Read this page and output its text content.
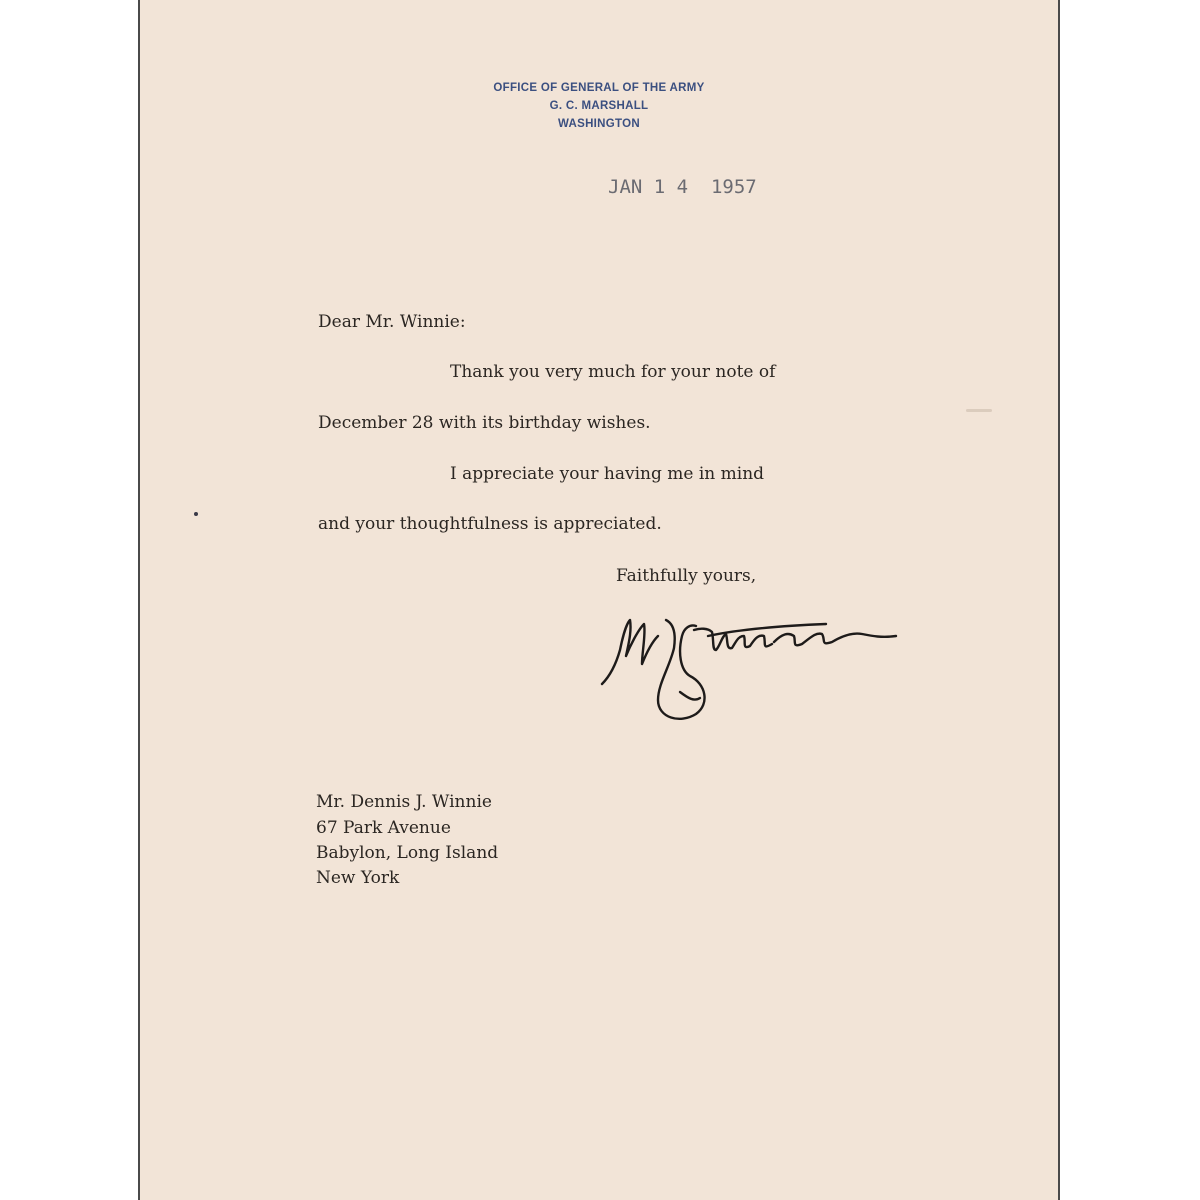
OFFICE OF GENERAL OF THE ARMY
G. C. MARSHALL
WASHINGTON
JAN 1 4  1957
Dear Mr. Winnie:
Thank you very much for your note of
December 28 with its birthday wishes.
I appreciate your having me in mind
and your thoughtfulness is appreciated.
Faithfully yours,
Mr. Dennis J. Winnie
67 Park Avenue
Babylon, Long Island
New York
